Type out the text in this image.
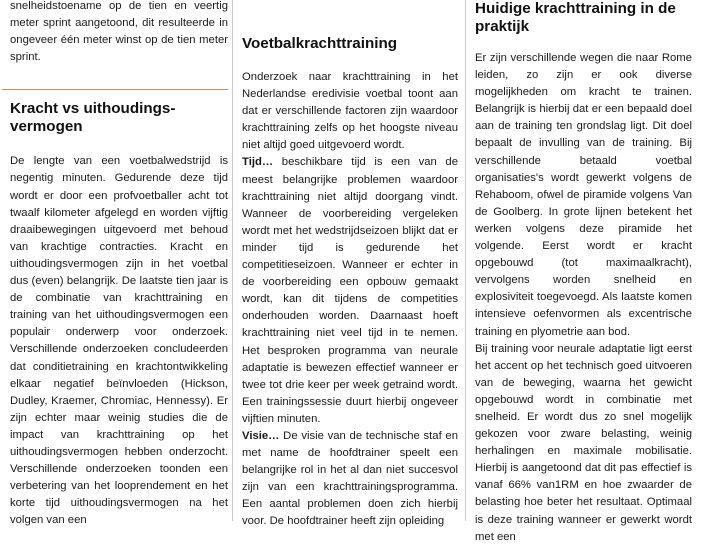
snelheidstoename op de tien en veertig meter sprint aangetoond, dit resulteerde in ongeveer één meter winst op de tien meter sprint.

Kracht vs uithoudings-vermogen

De lengte van een voetbalwedstrijd is negentig minuten. Gedurende deze tijd wordt er door een profvoetballer acht tot twaalf kilometer afgelegd en worden vijftig draaibewegingen uitgevoerd met behoud van krachtige contracties. Kracht en uithoudingsvermogen zijn in het voetbal dus (even) belangrijk. De laatste tien jaar is de combinatie van krachttraining en training van het uithoudingsvermogen een populair onderwerp voor onderzoek. Verschillende onderzoeken concludeerden dat conditietraining en krachtontwikkeling elkaar negatief beïnvloeden (Hickson, Dudley, Kraemer, Chromiac, Hennessy). Er zijn echter maar weinig studies die de impact van krachttraining op het uithoudingsvermogen hebben onderzocht. Verschillende onderzoeken toonden een verbetering van het looprendement en het korte tijd uithoudingsvermogen na het volgen van een

Voetbalkrachttraining

Onderzoek naar krachttraining in het Nederlandse eredivisie voetbal toont aan dat er verschillende factoren zijn waardoor krachttraining zelfs op het hoogste niveau niet altijd goed uitgevoerd wordt.

Tijd… beschikbare tijd is een van de meest belangrijke problemen waardoor krachttraining niet altijd doorgang vindt. Wanneer de voorbereiding vergeleken wordt met het wedstrijdseizoen blijkt dat er minder tijd is gedurende het competitieseizoen. Wanneer er echter in de voorbereiding een opbouw gemaakt wordt, kan dit tijdens de competities onderhouden worden. Daarnaast hoeft krachttraining niet veel tijd in te nemen. Het besproken programma van neurale adaptatie is bewezen effectief wanneer er twee tot drie keer per week getraind wordt. Een trainingssessie duurt hierbij ongeveer vijftien minuten.

Visie… De visie van de technische staf en met name de hoofdtrainer speelt een belangrijke rol in het al dan niet succesvol zijn van een krachttrainingsprogramma. Een aantal problemen doen zich hierbij voor. De hoofdtrainer heeft zijn opleiding

Huidige krachttraining in de praktijk

Er zijn verschillende wegen die naar Rome leiden, zo zijn er ook diverse mogelijkheden om kracht te trainen. Belangrijk is hierbij dat er een bepaald doel aan de training ten grondslag ligt. Dit doel bepaalt de invulling van de training. Bij verschillende betaald voetbal organisaties's wordt gewerkt volgens de Rehaboom, ofwel de piramide volgens Van de Goolberg. In grote lijnen betekent het werken volgens deze piramide het volgende. Eerst wordt er kracht opgebouwd (tot maximaalkracht), vervolgens worden snelheid en explosiviteit toegevoegd. Als laatste komen intensieve oefenvormen als excentrische training en plyometrie aan bod.

Bij training voor neurale adaptatie ligt eerst het accent op het technisch goed uitvoeren van de beweging, waarna het gewicht opgebouwd wordt in combinatie met snelheid. Er wordt dus zo snel mogelijk gekozen voor zware belasting, weinig herhalingen en maximale mobilisatie. Hierbij is aangetoond dat dit pas effectief is vanaf 66% van1RM en hoe zwaarder de belasting hoe beter het resultaat. Optimaal is deze training wanneer er gewerkt wordt met een
